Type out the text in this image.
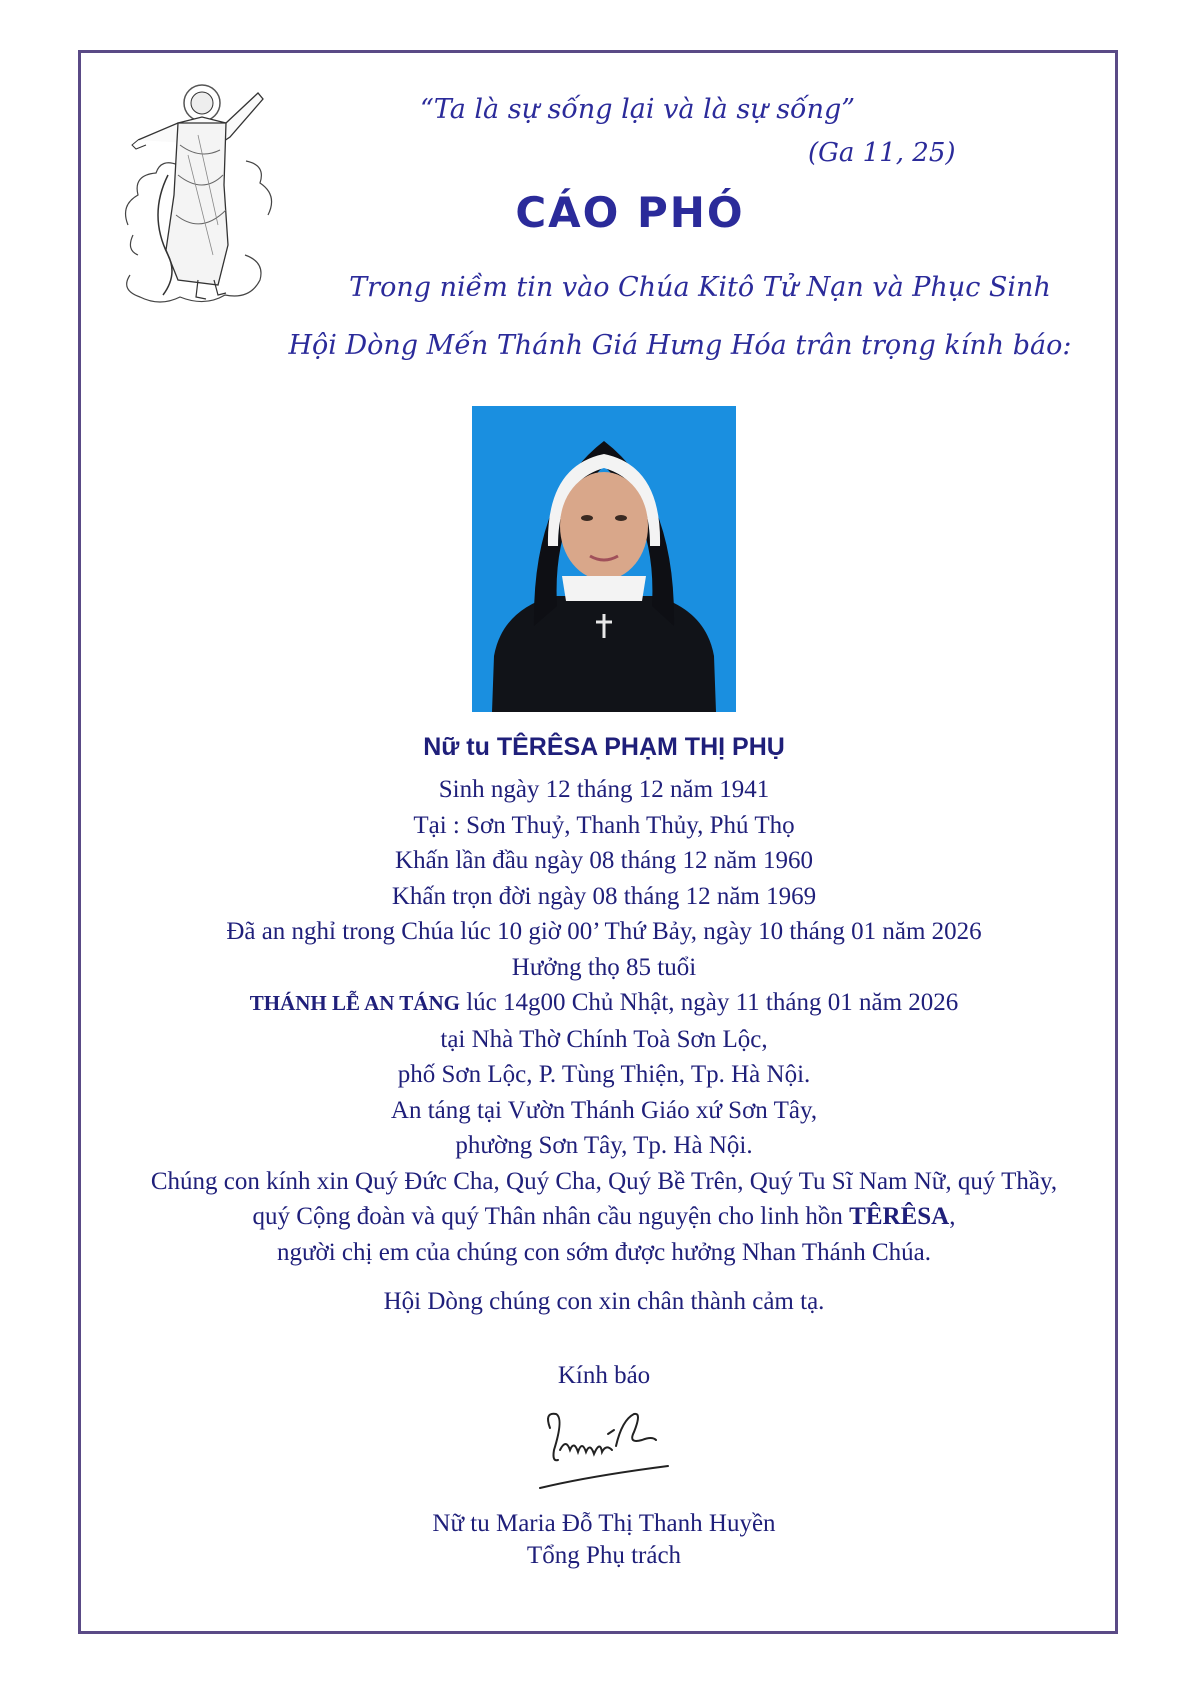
“Ta là sự sống lại và là sự sống”
(Ga 11, 25)
CÁO PHÓ
Trong niềm tin vào Chúa Kitô Tử Nạn và Phục Sinh
Hội Dòng Mến Thánh Giá Hưng Hóa trân trọng kính báo:
Nữ tu TÊRÊSA PHẠM THỊ PHỤ
Sinh ngày 12 tháng 12 năm 1941
Tại : Sơn Thuỷ, Thanh Thủy, Phú Thọ
Khấn lần đầu ngày 08 tháng 12 năm 1960
Khấn trọn đời ngày 08 tháng 12 năm 1969
Đã an nghỉ trong Chúa lúc 10 giờ 00’ Thứ Bảy, ngày 10 tháng 01 năm 2026
Hưởng thọ 85 tuổi
THÁNH LỄ AN TÁNG lúc 14g00 Chủ Nhật, ngày 11 tháng 01 năm 2026
tại Nhà Thờ Chính Toà Sơn Lộc,
phố Sơn Lộc, P. Tùng Thiện, Tp. Hà Nội.
An táng tại Vườn Thánh Giáo xứ Sơn Tây,
phường Sơn Tây, Tp. Hà Nội.
Chúng con kính xin Quý Đức Cha, Quý Cha, Quý Bề Trên, Quý Tu Sĩ Nam Nữ, quý Thầy,
quý Cộng đoàn và quý Thân nhân cầu nguyện cho linh hồn TÊRÊSA,
người chị em của chúng con sớm được hưởng Nhan Thánh Chúa.
Hội Dòng chúng con xin chân thành cảm tạ.
Kính báo
Nữ tu Maria Đỗ Thị Thanh Huyền
Tổng Phụ trách
